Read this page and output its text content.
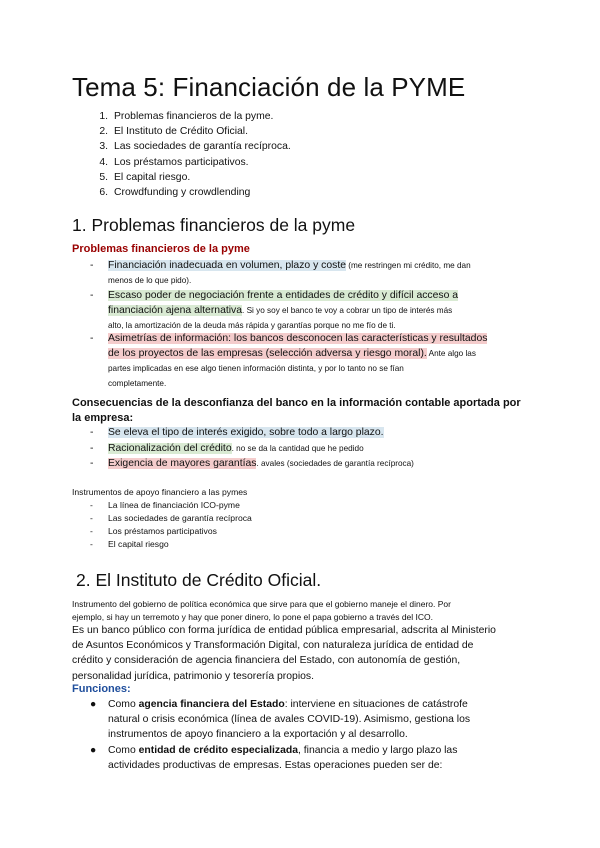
Tema 5: Financiación de la PYME
1. Problemas financieros de la pyme.
2. El Instituto de Crédito Oficial.
3. Las sociedades de garantía recíproca.
4. Los préstamos participativos.
5. El capital riesgo.
6. Crowdfunding y crowdlending
1. Problemas financieros de la pyme

Problemas financieros de la pyme

- Financiación inadecuada en volumen, plazo y coste (me restringen mi crédito, me dan
menos de lo que pido).
- Escaso poder de negociación frente a entidades de crédito y difícil acceso a
financiación ajena alternativa. Si yo soy el banco te voy a cobrar un tipo de interés más
alto, la amortización de la deuda más rápida y garantías porque no me fío de ti.
- Asimetrías de información: los bancos desconocen las características y resultados
de los proyectos de las empresas (selección adversa y riesgo moral). Ante algo las
partes implicadas en ese algo tienen información distinta, y por lo tanto no se fían
completamente.

Consecuencias de la desconfianza del banco en la información contable aportada por
la empresa:

- Se eleva el tipo de interés exigido, sobre todo a largo plazo.
- Racionalización del crédito. no se da la cantidad que he pedido
- Exigencia de mayores garantías. avales (sociedades de garantía recíproca)
Instrumentos de apoyo financiero a las pymes
- La línea de financiación ICO-pyme
- Las sociedades de garantía recíproca
- Los préstamos participativos
- El capital riesgo
2. El Instituto de Crédito Oficial.

Instrumento del gobierno de política económica que sirve para que el gobierno maneje el dinero. Por
ejemplo, si hay un terremoto y hay que poner dinero, lo pone el papa gobierno a través del ICO.

Es un banco público con forma jurídica de entidad pública empresarial, adscrita al Ministerio
de Asuntos Económicos y Transformación Digital, con naturaleza jurídica de entidad de
crédito y consideración de agencia financiera del Estado, con autonomía de gestión,
personalidad jurídica, patrimonio y tesorería propios.

Funciones:

● Como agencia financiera del Estado: interviene en situaciones de catástrofe
natural o crisis económica (línea de avales COVID-19). Asimismo, gestiona los
instrumentos de apoyo financiero a la exportación y al desarrollo.
● Como entidad de crédito especializada, financia a medio y largo plazo las
actividades productivas de empresas. Estas operaciones pueden ser de:
